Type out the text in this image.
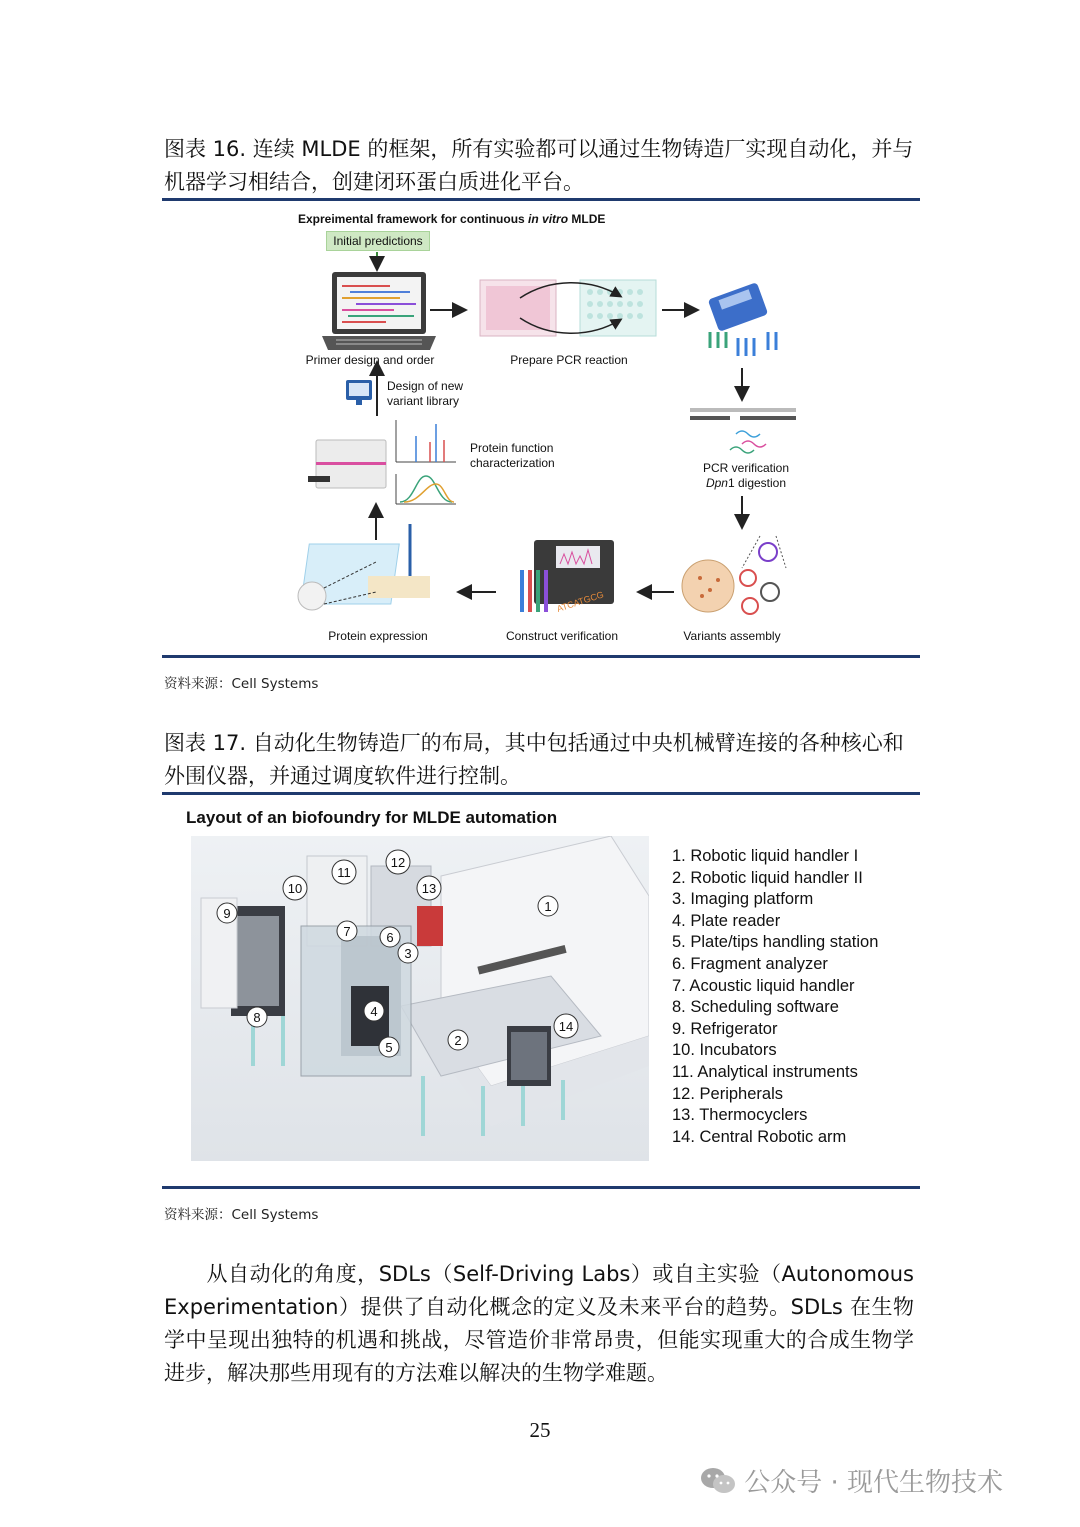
图表 16. 连续 MLDE 的框架，所有实验都可以通过生物铸造厂实现自动化，并与机器学习相结合，创建闭环蛋白质进化平台。
Expreimental framework for continuous in vitro MLDE
Initial predictions
ATCATGCG
Primer design and order	Prepare PCR reaction
Design of new
variant library
Protein function
characterization	PCR verification
Dpn1 digestion
Protein expression	Construct verification	Variants assembly
资料来源：Cell Systems
图表 17. 自动化生物铸造厂的布局，其中包括通过中央机械臂连接的各种核心和外围仪器，并通过调度软件进行控制。
Layout of an biofoundry for MLDE automation
1
2
3
4
5
6
7
8
9
10
11
12
13
14
1. Robotic liquid handler I
2. Robotic liquid handler II
3. Imaging platform
4. Plate reader
5. Plate/tips handling station
6. Fragment analyzer
7. Acoustic liquid handler
8. Scheduling software
9. Refrigerator
10. Incubators
11. Analytical instruments
12. Peripherals
13. Thermocyclers
14. Central Robotic arm
资料来源：Cell Systems
从自动化的角度，SDLs（Self-Driving Labs）或自主实验（Autonomous Experimentation）提供了自动化概念的定义及未来平台的趋势。SDLs 在生物学中呈现出独特的机遇和挑战，尽管造价非常昂贵，但能实现重大的合成生物学进步，解决那些用现有的方法难以解决的生物学难题。
25
公众号 · 现代生物技术
